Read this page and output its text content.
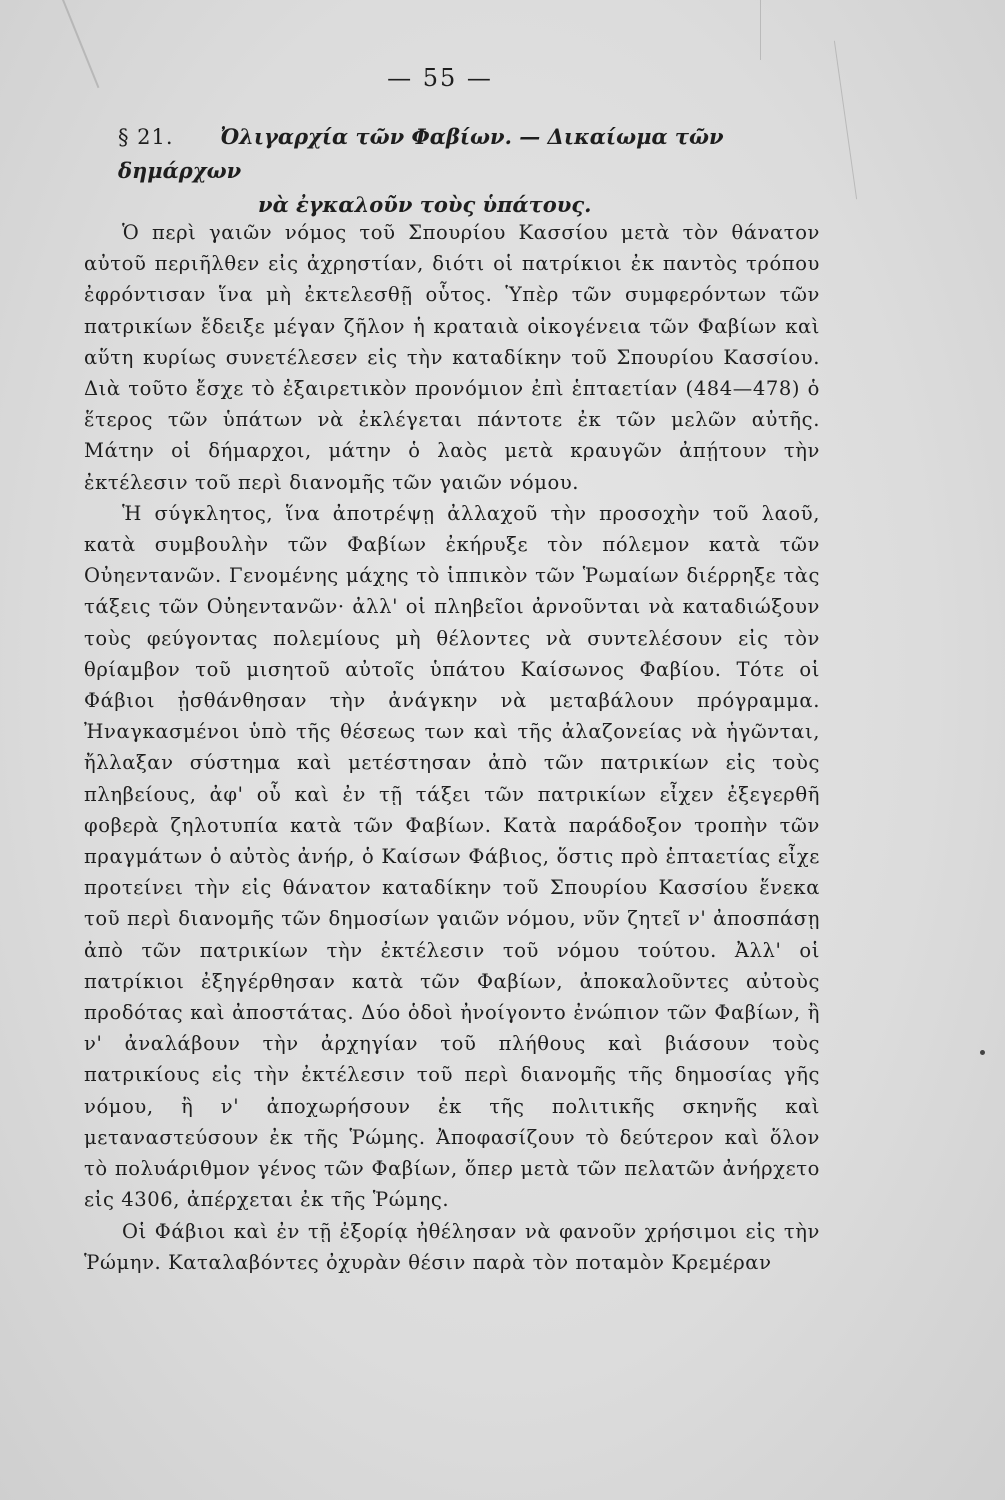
— 55 —
§ 21. Ὀλιγαρχία τῶν Φαβίων. — Δικαίωμα τῶν δημάρχων
νὰ ἐγκαλοῦν τοὺς ὑπάτους.

Ὁ περὶ γαιῶν νόμος τοῦ Σπουρίου Κασσίου μετὰ τὸν θάνατον αὐτοῦ περιῆλθεν εἰς ἀχρηστίαν, διότι οἱ πατρίκιοι ἐκ παντὸς τρόπου ἐφρόντισαν ἵνα μὴ ἐκτελεσθῇ οὗτος. Ὑπὲρ τῶν συμφερόντων τῶν πατρικίων ἔδειξε μέγαν ζῆλον ἡ κραταιὰ οἰκογένεια τῶν Φαβίων καὶ αὕτη κυρίως συνετέλεσεν εἰς τὴν καταδίκην τοῦ Σπουρίου Κασσίου. Διὰ τοῦτο ἔσχε τὸ ἐξαιρετικὸν προνόμιον ἐπὶ ἑπταετίαν (484—478) ὁ ἕτερος τῶν ὑπάτων νὰ ἐκλέγεται πάντοτε ἐκ τῶν μελῶν αὐτῆς. Μάτην οἱ δήμαρχοι, μάτην ὁ λαὸς μετὰ κραυγῶν ἀπῄτουν τὴν ἐκτέλεσιν τοῦ περὶ διανομῆς τῶν γαιῶν νόμου.

Ἡ σύγκλητος, ἵνα ἀποτρέψῃ ἀλλαχοῦ τὴν προσοχὴν τοῦ λαοῦ, κατὰ συμβουλὴν τῶν Φαβίων ἐκήρυξε τὸν πόλεμον κατὰ τῶν Οὐηεντανῶν. Γενομένης μάχης τὸ ἱππικὸν τῶν Ῥωμαίων διέρρηξε τὰς τάξεις τῶν Οὐηεντανῶν· ἀλλ' οἱ πληβεῖοι ἀρνοῦνται νὰ καταδιώξουν τοὺς φεύγοντας πολεμίους μὴ θέλοντες νὰ συντελέσουν εἰς τὸν θρίαμβον τοῦ μισητοῦ αὐτοῖς ὑπάτου Καίσωνος Φαβίου. Τότε οἱ Φάβιοι ᾐσθάνθησαν τὴν ἀνάγκην νὰ μεταβάλουν πρόγραμμα. Ἠναγκασμένοι ὑπὸ τῆς θέσεως των καὶ τῆς ἀλαζονείας νὰ ἡγῶνται, ἤλλαξαν σύστημα καὶ μετέστησαν ἀπὸ τῶν πατρικίων εἰς τοὺς πληβείους, ἀφ' οὗ καὶ ἐν τῇ τάξει τῶν πατρικίων εἶχεν ἐξεγερθῆ φοβερὰ ζηλοτυπία κατὰ τῶν Φαβίων. Κατὰ παράδοξον τροπὴν τῶν πραγμάτων ὁ αὐτὸς ἀνήρ, ὁ Καίσων Φάβιος, ὅστις πρὸ ἑπταετίας εἶχε προτείνει τὴν εἰς θάνατον καταδίκην τοῦ Σπουρίου Κασσίου ἕνεκα τοῦ περὶ διανομῆς τῶν δημοσίων γαιῶν νόμου, νῦν ζητεῖ ν' ἀποσπάσῃ ἀπὸ τῶν πατρικίων τὴν ἐκτέλεσιν τοῦ νόμου τούτου. Ἀλλ' οἱ πατρίκιοι ἐξηγέρθησαν κατὰ τῶν Φαβίων, ἀποκαλοῦντες αὐτοὺς προδότας καὶ ἀποστάτας. Δύο ὁδοὶ ἠνοίγοντο ἐνώπιον τῶν Φαβίων, ἢ ν' ἀναλάβουν τὴν ἀρχηγίαν τοῦ πλήθους καὶ βιάσουν τοὺς πατρικίους εἰς τὴν ἐκτέλεσιν τοῦ περὶ διανομῆς τῆς δημοσίας γῆς νόμου, ἢ ν' ἀποχωρήσουν ἐκ τῆς πολιτικῆς σκηνῆς καὶ μεταναστεύσουν ἐκ τῆς Ῥώμης. Ἀποφασίζουν τὸ δεύτερον καὶ ὅλον τὸ πολυάριθμον γένος τῶν Φαβίων, ὅπερ μετὰ τῶν πελατῶν ἀνήρχετο εἰς 4306, ἀπέρχεται ἐκ τῆς Ῥώμης.

Οἱ Φάβιοι καὶ ἐν τῇ ἐξορίᾳ ἠθέλησαν νὰ φανοῦν χρήσιμοι εἰς τὴν Ῥώμην. Καταλαβόντες ὀχυρὰν θέσιν παρὰ τὸν ποταμὸν Κρεμέραν
